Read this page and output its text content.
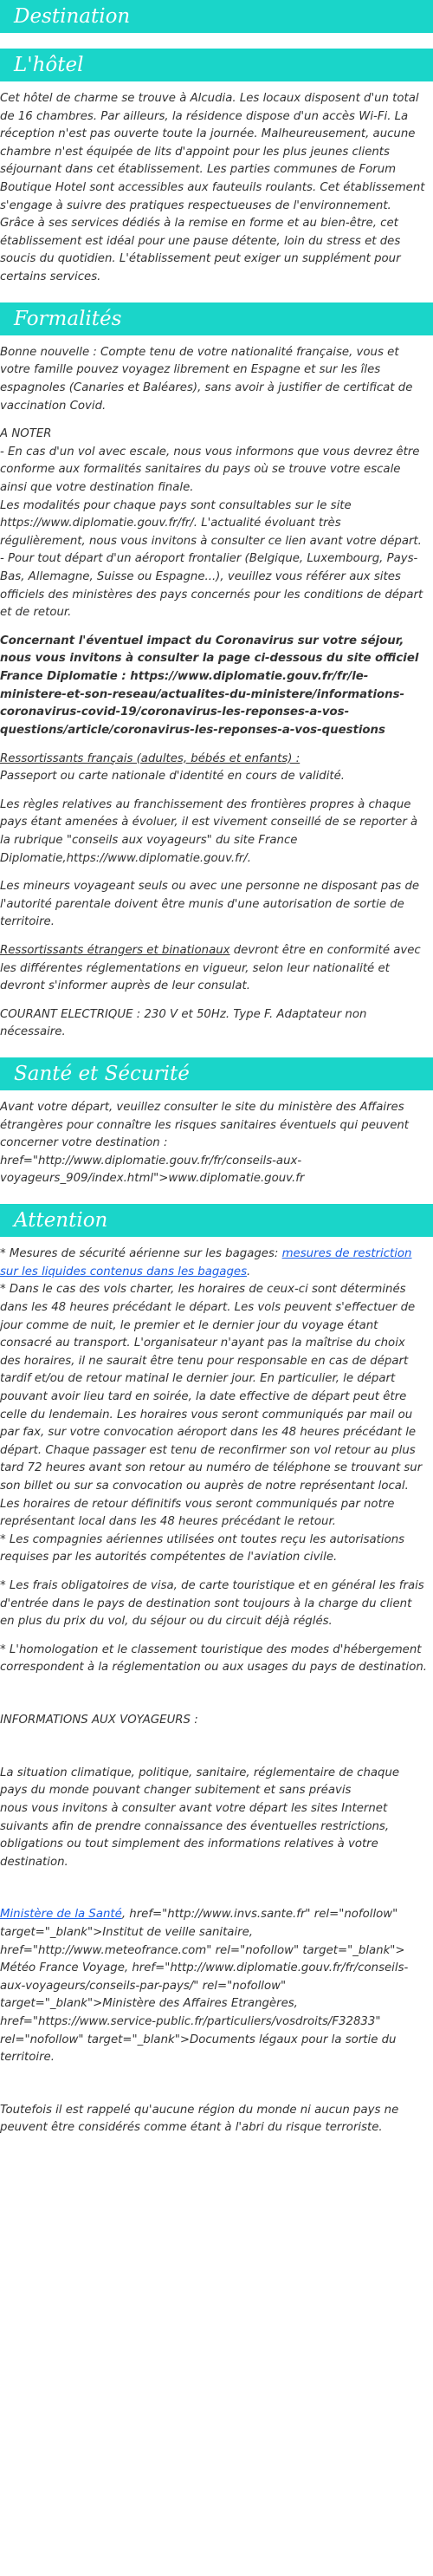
Destination
L'hôtel

Cet hôtel de charme se trouve à Alcudia. Les locaux disposent d'un total de 16 chambres. Par ailleurs, la résidence dispose d'un accès Wi-Fi. La réception n'est pas ouverte toute la journée. Malheureusement, aucune chambre n'est équipée de lits d'appoint pour les plus jeunes clients séjournant dans cet établissement. Les parties communes de Forum Boutique Hotel sont accessibles aux fauteuils roulants. Cet établissement s'engage à suivre des pratiques respectueuses de l'environnement. Grâce à ses services dédiés à la remise en forme et au bien-être, cet établissement est idéal pour une pause détente, loin du stress et des soucis du quotidien. L'établissement peut exiger un supplément pour certains services.

Formalités

Bonne nouvelle : Compte tenu de votre nationalité française, vous et votre famille pouvez voyagez librement en Espagne et sur les îles espagnoles (Canaries et Baléares), sans avoir à justifier de certificat de vaccination Covid.

A NOTER
- En cas d'un vol avec escale, nous vous informons que vous devrez être conforme aux formalités sanitaires du pays où se trouve votre escale ainsi que votre destination finale.
Les modalités pour chaque pays sont consultables sur le site https://www.diplomatie.gouv.fr/fr/. L'actualité évoluant très régulièrement, nous vous invitons à consulter ce lien avant votre départ.
- Pour tout départ d'un aéroport frontalier (Belgique, Luxembourg, Pays-Bas, Allemagne, Suisse ou Espagne...), veuillez vous référer aux sites officiels des ministères des pays concernés pour les conditions de départ et de retour.

Concernant l'éventuel impact du Coronavirus sur votre séjour, nous vous invitons à consulter la page ci-dessous du site officiel France Diplomatie : https://www.diplomatie.gouv.fr/fr/le-ministere-et-son-reseau/actualites-du-ministere/informations-coronavirus-covid-19/coronavirus-les-reponses-a-vos-questions/article/coronavirus-les-reponses-a-vos-questions

Ressortissants français (adultes, bébés et enfants) :
Passeport ou carte nationale d'identité en cours de validité.

Les règles relatives au franchissement des frontières propres à chaque pays étant amenées à évoluer, il est vivement conseillé de se reporter à la rubrique "conseils aux voyageurs" du site France Diplomatie,https://www.diplomatie.gouv.fr/.

Les mineurs voyageant seuls ou avec une personne ne disposant pas de l'autorité parentale doivent être munis d'une autorisation de sortie de territoire.

Ressortissants étrangers et binationaux devront être en conformité avec les différentes réglementations en vigueur, selon leur nationalité et devront s'informer auprès de leur consulat.

COURANT ELECTRIQUE : 230 V et 50Hz. Type F. Adaptateur non nécessaire.

Santé et Sécurité

Avant votre départ, veuillez consulter le site du ministère des Affaires étrangères pour connaître les risques sanitaires éventuels qui peuvent concerner votre destination : href="http://www.diplomatie.gouv.fr/fr/conseils-aux-voyageurs_909/index.html">www.diplomatie.gouv.fr

Attention

* Mesures de sécurité aérienne sur les bagages: mesures de restriction sur les liquides contenus dans les bagages.
* Dans le cas des vols charter, les horaires de ceux-ci sont déterminés dans les 48 heures précédant le départ. Les vols peuvent s'effectuer de jour comme de nuit, le premier et le dernier jour du voyage étant consacré au transport. L'organisateur n'ayant pas la maîtrise du choix des horaires, il ne saurait être tenu pour responsable en cas de départ tardif et/ou de retour matinal le dernier jour. En particulier, le départ pouvant avoir lieu tard en soirée, la date effective de départ peut être celle du lendemain. Les horaires vous seront communiqués par mail ou par fax, sur votre convocation aéroport dans les 48 heures précédant le départ. Chaque passager est tenu de reconfirmer son vol retour au plus tard 72 heures avant son retour au numéro de téléphone se trouvant sur son billet ou sur sa convocation ou auprès de notre représentant local. Les horaires de retour définitifs vous seront communiqués par notre représentant local dans les 48 heures précédant le retour.
* Les compagnies aériennes utilisées ont toutes reçu les autorisations requises par les autorités compétentes de l'aviation civile.

* Les frais obligatoires de visa, de carte touristique et en général les frais d'entrée dans le pays de destination sont toujours à la charge du client en plus du prix du vol, du séjour ou du circuit déjà réglés.

* L'homologation et le classement touristique des modes d'hébergement correspondent à la réglementation ou aux usages du pays de destination.

INFORMATIONS AUX VOYAGEURS :

La situation climatique, politique, sanitaire, réglementaire de chaque pays du monde pouvant changer subitement et sans préavis
nous vous invitons à consulter avant votre départ les sites Internet suivants afin de prendre connaissance des éventuelles restrictions, obligations ou tout simplement des informations relatives à votre destination.

Ministère de la Santé, href="http://www.invs.sante.fr" rel="nofollow" target="_blank">Institut de veille sanitaire, href="http://www.meteofrance.com" rel="nofollow" target="_blank"> Météo France Voyage, href="http://www.diplomatie.gouv.fr/fr/conseils-aux-voyageurs/conseils-par-pays/" rel="nofollow" target="_blank">Ministère des Affaires Etrangères, href="https://www.service-public.fr/particuliers/vosdroits/F32833" rel="nofollow" target="_blank">Documents légaux pour la sortie du territoire.

Toutefois il est rappelé qu'aucune région du monde ni aucun pays ne peuvent être considérés comme étant à l'abri du risque terroriste.
